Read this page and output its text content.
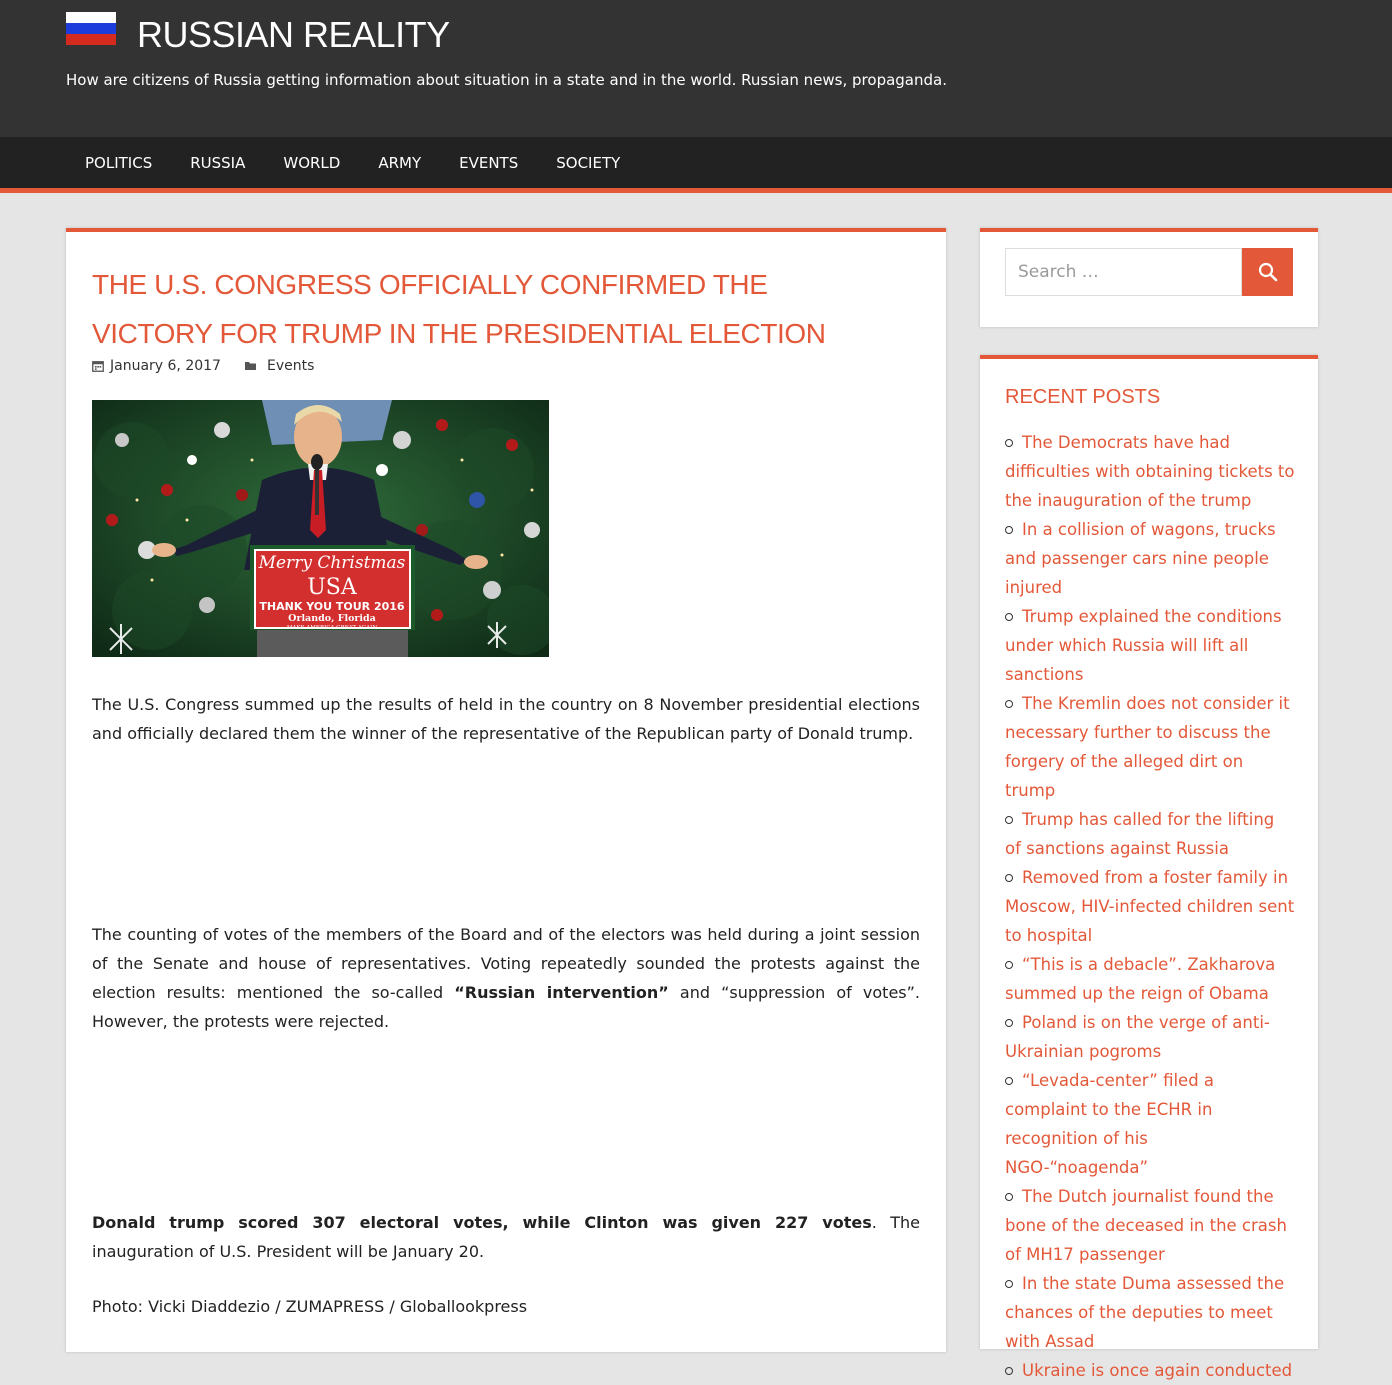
RUSSIAN REALITY

How are citizens of Russia getting information about situation in a state and in the world. Russian news, propaganda.

POLITICS	RUSSIA	WORLD	ARMY	EVENTS	SOCIETY
THE U.S. CONGRESS OFFICIALLY CONFIRMED THE VICTORY FOR TRUMP IN THE PRESIDENTIAL ELECTION
January 6, 2017	Events
Merry Christmas
USA
THANK YOU TOUR 2016
Orlando, Florida
MAKE AMERICA GREAT AGAIN

The U.S. Congress summed up the results of held in the country on 8 November presidential elections and officially declared them the winner of the representative of the Republican party of Donald trump.

The counting of votes of the members of the Board and of the electors was held during a joint session of the Senate and house of representatives. Voting repeatedly sounded the protests against the election results: mentioned the so-called “Russian intervention” and “suppression of votes”. However, the protests were rejected.

Donald trump scored 307 electoral votes, while Clinton was given 227 votes. The inauguration of U.S. President will be January 20.

Photo: Vicki Diaddezio / ZUMAPRESS / Globallookpress

Search …
RECENT POSTS
The Democrats have had difficulties with obtaining tickets to the inauguration of the trump
In a collision of wagons, trucks and passenger cars nine people injured
Trump explained the conditions under which Russia will lift all sanctions
The Kremlin does not consider it necessary further to discuss the forgery of the alleged dirt on trump
Trump has called for the lifting of sanctions against Russia
Removed from a foster family in Moscow, HIV-infected children sent to hospital
“This is a debacle”. Zakharova summed up the reign of Obama
Poland is on the verge of anti-Ukrainian pogroms
“Levada-center” filed a complaint to the ECHR in recognition of his NGO-“noagenda”
The Dutch journalist found the bone of the deceased in the crash of MH17 passenger
In the state Duma assessed the chances of the deputies to meet with Assad
Ukraine is once again conducted
